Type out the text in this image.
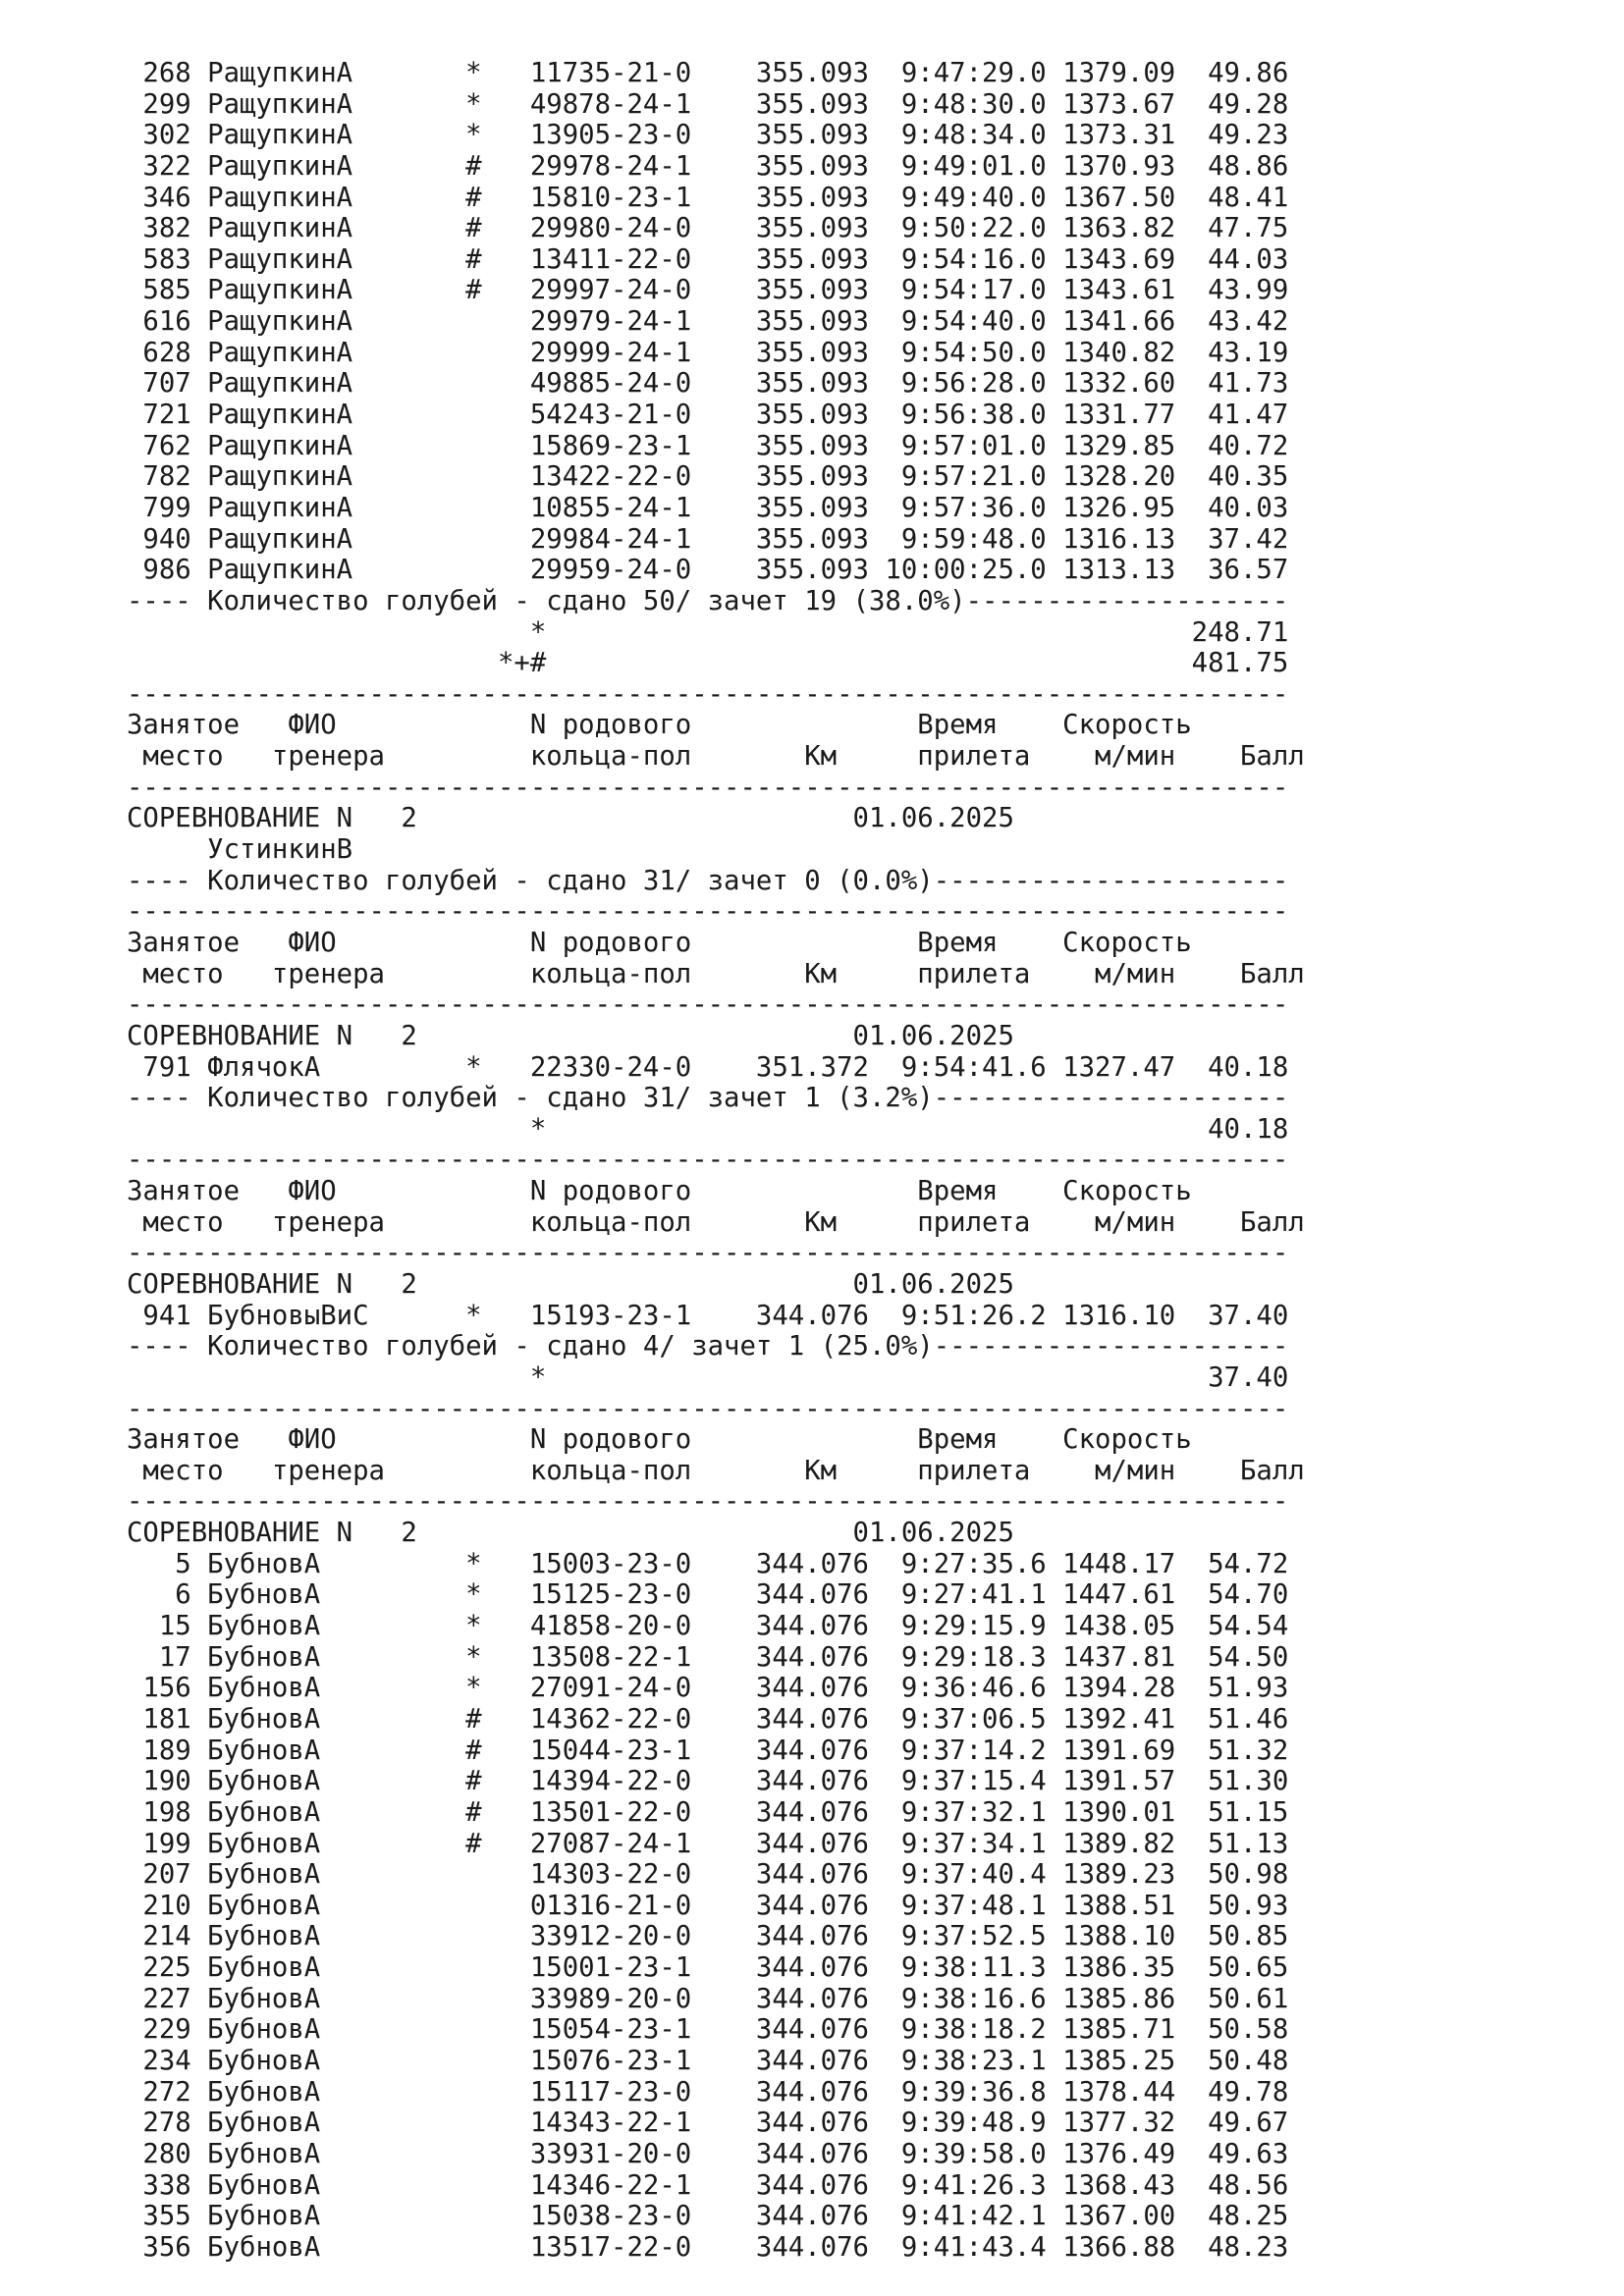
268 РащупкинА       *   11735-21-0    355.093  9:47:29.0 1379.09  49.86
299 РащупкинА       *   49878-24-1    355.093  9:48:30.0 1373.67  49.28
302 РащупкинА       *   13905-23-0    355.093  9:48:34.0 1373.31  49.23
322 РащупкинА       #   29978-24-1    355.093  9:49:01.0 1370.93  48.86
346 РащупкинА       #   15810-23-1    355.093  9:49:40.0 1367.50  48.41
382 РащупкинА       #   29980-24-0    355.093  9:50:22.0 1363.82  47.75
583 РащупкинА       #   13411-22-0    355.093  9:54:16.0 1343.69  44.03
585 РащупкинА       #   29997-24-0    355.093  9:54:17.0 1343.61  43.99
616 РащупкинА           29979-24-1    355.093  9:54:40.0 1341.66  43.42
628 РащупкинА           29999-24-1    355.093  9:54:50.0 1340.82  43.19
707 РащупкинА           49885-24-0    355.093  9:56:28.0 1332.60  41.73
721 РащупкинА           54243-21-0    355.093  9:56:38.0 1331.77  41.47
762 РащупкинА           15869-23-1    355.093  9:57:01.0 1329.85  40.72
782 РащупкинА           13422-22-0    355.093  9:57:21.0 1328.20  40.35
799 РащупкинА           10855-24-1    355.093  9:57:36.0 1326.95  40.03
940 РащупкинА           29984-24-1    355.093  9:59:48.0 1316.13  37.42
986 РащупкинА           29959-24-0    355.093 10:00:25.0 1313.13  36.57
---- Количество голубей - сдано 50/ зачет 19 (38.0%)--------------------
*                                        248.71
*+#                                        481.75
------------------------------------------------------------------------
Занятое   ФИО            N родового              Время    Скорость
место   тренера         кольца-пол       Км     прилета    м/мин    Балл
------------------------------------------------------------------------
СОРЕВНОВАНИЕ N   2                           01.06.2025
УстинкинВ
---- Количество голубей - сдано 31/ зачет 0 (0.0%)----------------------
------------------------------------------------------------------------
Занятое   ФИО            N родового              Время    Скорость
место   тренера         кольца-пол       Км     прилета    м/мин    Балл
------------------------------------------------------------------------
СОРЕВНОВАНИЕ N   2                           01.06.2025
791 ФлячокА         *   22330-24-0    351.372  9:54:41.6 1327.47  40.18
---- Количество голубей - сдано 31/ зачет 1 (3.2%)----------------------
*                                         40.18
------------------------------------------------------------------------
Занятое   ФИО            N родового              Время    Скорость
место   тренера         кольца-пол       Км     прилета    м/мин    Балл
------------------------------------------------------------------------
СОРЕВНОВАНИЕ N   2                           01.06.2025
941 БубновыВиС      *   15193-23-1    344.076  9:51:26.2 1316.10  37.40
---- Количество голубей - сдано 4/ зачет 1 (25.0%)----------------------
*                                         37.40
------------------------------------------------------------------------
Занятое   ФИО            N родового              Время    Скорость
место   тренера         кольца-пол       Км     прилета    м/мин    Балл
------------------------------------------------------------------------
СОРЕВНОВАНИЕ N   2                           01.06.2025
5 БубновА         *   15003-23-0    344.076  9:27:35.6 1448.17  54.72
6 БубновА         *   15125-23-0    344.076  9:27:41.1 1447.61  54.70
15 БубновА         *   41858-20-0    344.076  9:29:15.9 1438.05  54.54
17 БубновА         *   13508-22-1    344.076  9:29:18.3 1437.81  54.50
156 БубновА         *   27091-24-0    344.076  9:36:46.6 1394.28  51.93
181 БубновА         #   14362-22-0    344.076  9:37:06.5 1392.41  51.46
189 БубновА         #   15044-23-1    344.076  9:37:14.2 1391.69  51.32
190 БубновА         #   14394-22-0    344.076  9:37:15.4 1391.57  51.30
198 БубновА         #   13501-22-0    344.076  9:37:32.1 1390.01  51.15
199 БубновА         #   27087-24-1    344.076  9:37:34.1 1389.82  51.13
207 БубновА             14303-22-0    344.076  9:37:40.4 1389.23  50.98
210 БубновА             01316-21-0    344.076  9:37:48.1 1388.51  50.93
214 БубновА             33912-20-0    344.076  9:37:52.5 1388.10  50.85
225 БубновА             15001-23-1    344.076  9:38:11.3 1386.35  50.65
227 БубновА             33989-20-0    344.076  9:38:16.6 1385.86  50.61
229 БубновА             15054-23-1    344.076  9:38:18.2 1385.71  50.58
234 БубновА             15076-23-1    344.076  9:38:23.1 1385.25  50.48
272 БубновА             15117-23-0    344.076  9:39:36.8 1378.44  49.78
278 БубновА             14343-22-1    344.076  9:39:48.9 1377.32  49.67
280 БубновА             33931-20-0    344.076  9:39:58.0 1376.49  49.63
338 БубновА             14346-22-1    344.076  9:41:26.3 1368.43  48.56
355 БубновА             15038-23-0    344.076  9:41:42.1 1367.00  48.25
356 БубновА             13517-22-0    344.076  9:41:43.4 1366.88  48.23
